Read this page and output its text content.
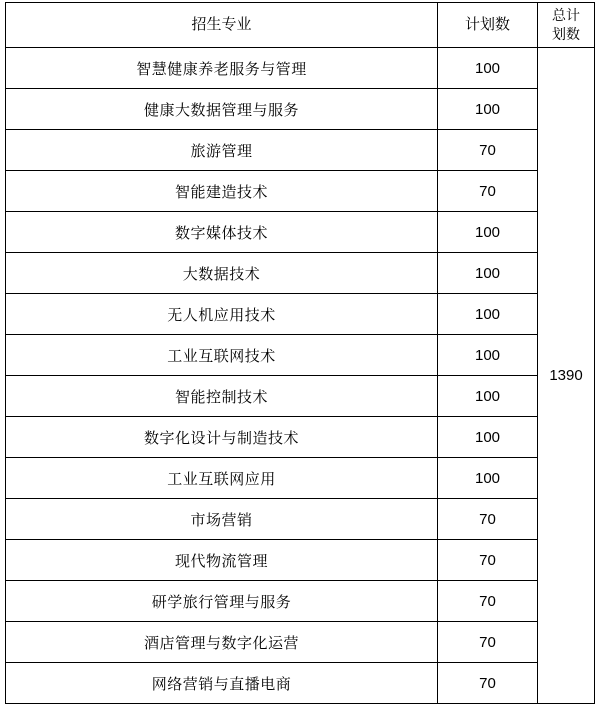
招生专业	计划数	总计
划数

智慧健康养老服务与管理	100	1390
健康大数据管理与服务	100	
旅游管理	70	
智能建造技术	70	
数字媒体技术	100	
大数据技术	100	
无人机应用技术	100	
工业互联网技术	100	
智能控制技术	100	
数字化设计与制造技术	100	
工业互联网应用	100	
市场营销	70	
现代物流管理	70	
研学旅行管理与服务	70	
酒店管理与数字化运营	70	
网络营销与直播电商	70	
